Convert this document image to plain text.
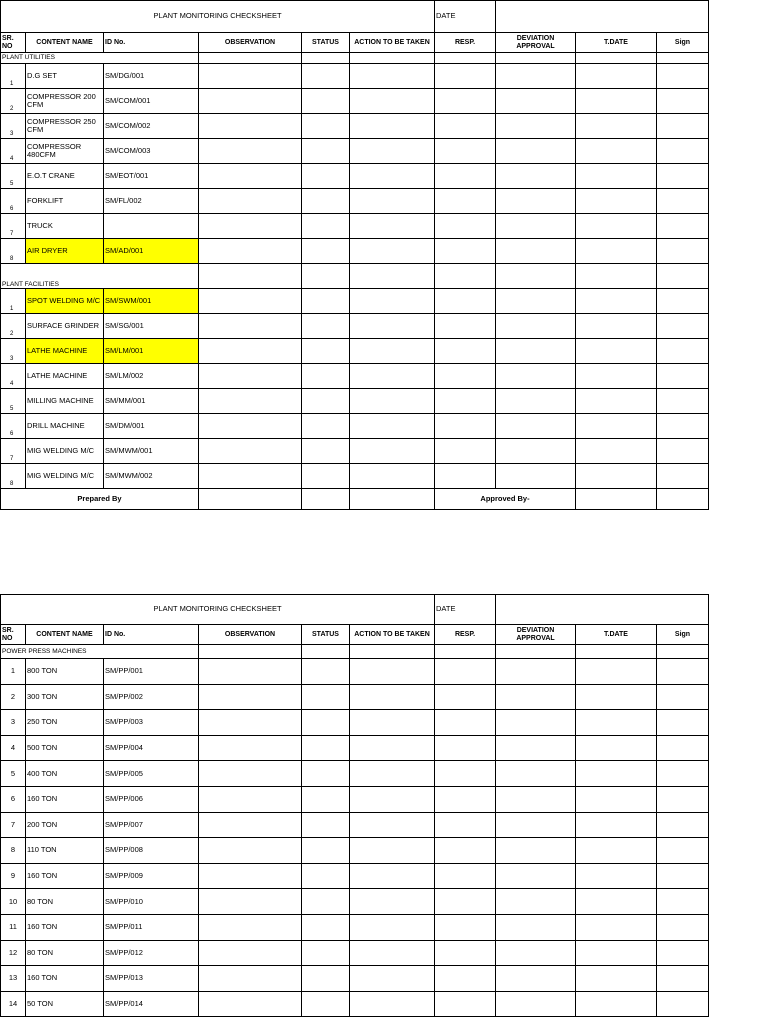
PLANT MONITORING CHECKSHEET						DATE			
SR. NO	CONTENT NAME	ID No.	OBSERVATION	STATUS	ACTION TO BE TAKEN	RESP.	DEVIATION APPROVAL	T.DATE	Sign
PLANT UTILITIES									
1	D.G SET	SM/DG/001							
2	COMPRESSOR 200 CFM	SM/COM/001							
3	COMPRESSOR 250 CFM	SM/COM/002							
4	COMPRESSOR 480CFM	SM/COM/003							
5	E.O.T CRANE	SM/EOT/001							
6	FORKLIFT	SM/FL/002							
7	TRUCK								
8	AIR DRYER	SM/AD/001							
PLANT FACILITIES									
1	SPOT WELDING M/C	SM/SWM/001							
2	SURFACE GRINDER	SM/SG/001							
3	LATHE MACHINE	SM/LM/001							
4	LATHE MACHINE	SM/LM/002							
5	MILLING MACHINE	SM/MM/001							
6	DRILL MACHINE	SM/DM/001							
7	MIG WELDING M/C	SM/MWM/001							
8	MIG WELDING M/C	SM/MWM/002							
Prepared By						Approved By-			
PLANT MONITORING CHECKSHEET						DATE			
SR. NO	CONTENT NAME	ID No.	OBSERVATION	STATUS	ACTION TO BE TAKEN	RESP.	DEVIATION APPROVAL	T.DATE	Sign
POWER PRESS MACHINES									
1	800 TON	SM/PP/001							
2	300 TON	SM/PP/002							
3	250 TON	SM/PP/003							
4	500 TON	SM/PP/004							
5	400 TON	SM/PP/005							
6	160 TON	SM/PP/006							
7	200 TON	SM/PP/007							
8	110 TON	SM/PP/008							
9	160 TON	SM/PP/009							
10	80 TON	SM/PP/010							
11	160 TON	SM/PP/011							
12	80 TON	SM/PP/012							
13	160 TON	SM/PP/013							
14	50 TON	SM/PP/014							
